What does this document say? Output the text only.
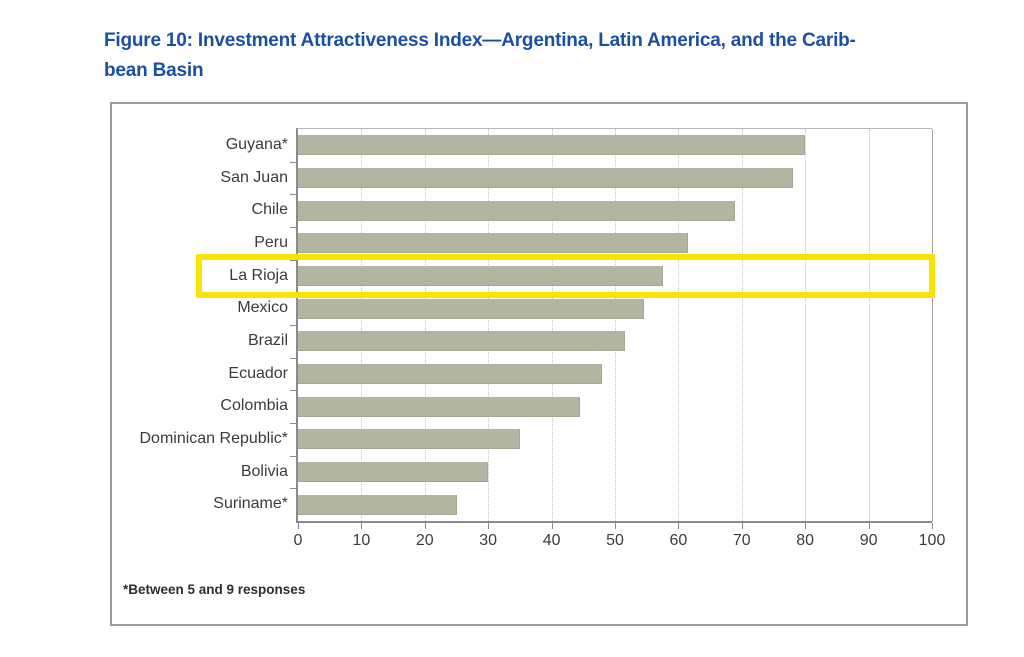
Figure 10: Investment Attractiveness Index—Argentina, Latin America, and the Carib-
bean Basin
0	10	20	30	40	50	60	70	80	90	100
Guyana*
San Juan
Chile
Peru
La Rioja
Mexico
Brazil
Ecuador
Colombia
Dominican Republic*
Bolivia
Suriname*
*Between 5 and 9 responses
